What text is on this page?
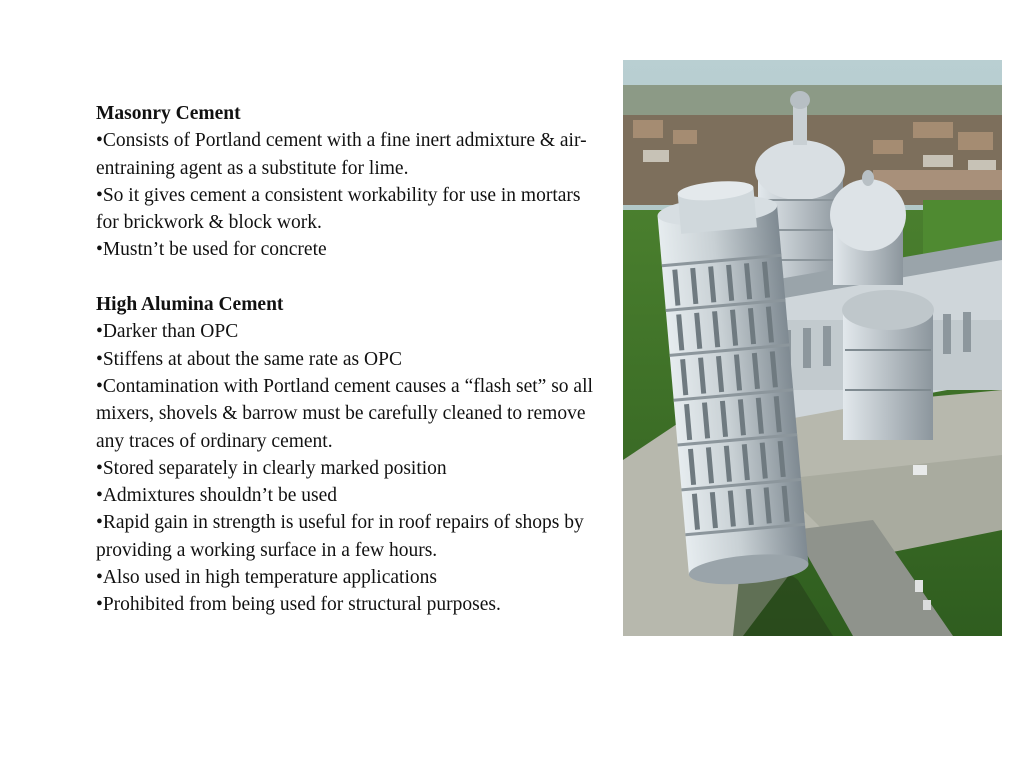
Masonry Cement

•Consists of Portland cement with a fine inert admixture & air-entraining agent as a substitute for lime.

•So it gives cement a consistent workability for use in mortars for brickwork & block work.

•Mustn’t be used for concrete

High Alumina Cement

•Darker than OPC

•Stiffens at about the same rate as OPC

•Contamination with Portland cement causes a “flash set” so all mixers, shovels & barrow must be carefully cleaned to remove any traces of ordinary cement.

•Stored separately in clearly marked position

•Admixtures shouldn’t be used

•Rapid gain in strength is useful for in roof repairs of shops by providing a working surface in a few hours.

•Also used in high temperature applications

•Prohibited from being used for structural purposes.
